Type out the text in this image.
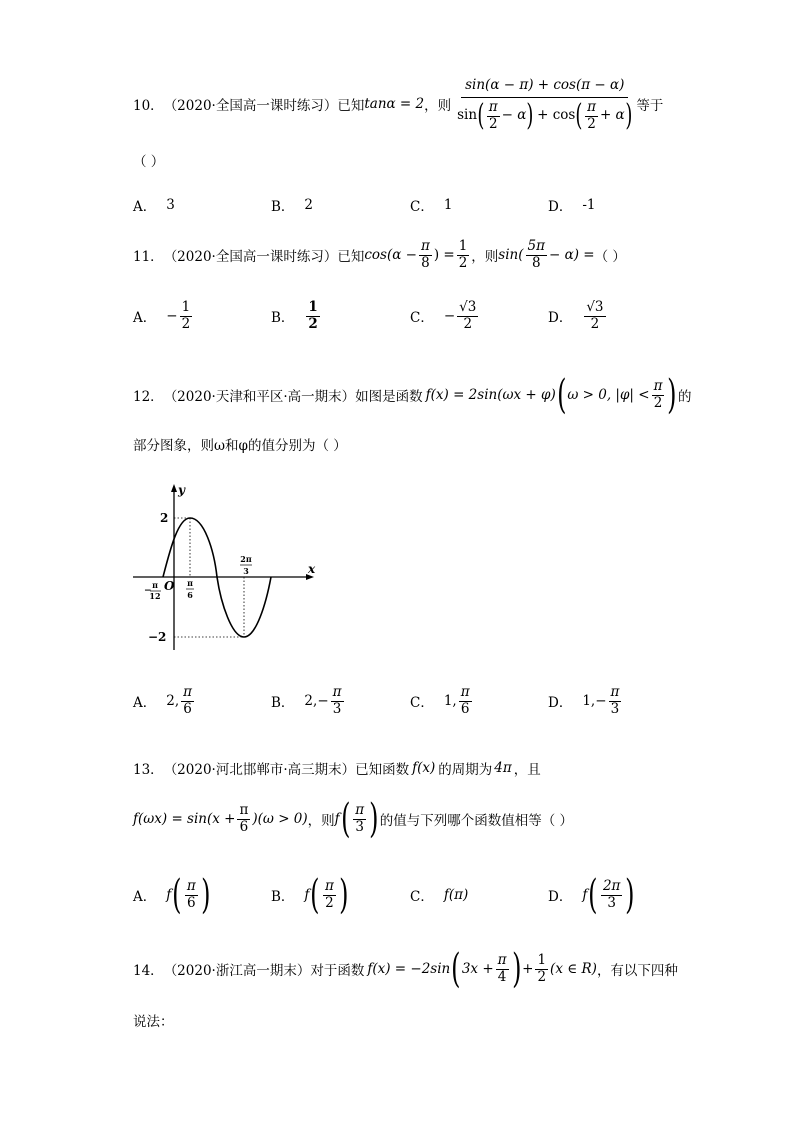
10． （2020·全国高一课时练习） 已知 tanα = 2 ，则
sin(α − π) + cos(π − α)
sin ( $\frac{\pi}{2} - \alpha$ ) + cos ( $\frac{\pi}{2} + \alpha$ ) 等于
（ ）
A． 3	B． 2	C． 1	D． -1
11． （2020·全国高一课时练习） 已知 $\cos(\alpha - \frac{\pi}{8}$ ) = $\frac{1}{2}$ ，则 $\sin( \frac{5\pi}{8} - \alpha)$ = （ ）
A． − $\frac{1}{2}$	B． $\frac{1}{2}$	C． − $\frac{√3}{2}$	D． $\frac{√3}{2}$
12． （2020·天津和平区·高一期末） 如图是函数 f(x) = 2sin(ωx + φ) ( ω > 0, $|\varphi| < \frac{\pi}{2}$ ) 的
部分图象，则ω和φ的值分别为（ ）
y
x
O
2
−2
−
π
12
π
6
2π
3
A． 2, $\frac{\pi}{6}$	B． 2, − $\frac{\pi}{3}$	C． 1, $\frac{\pi}{6}$	D． 1, − $\frac{\pi}{3}$
13． （2020·河北邯郸市·高三期末） 已知函数 f(x) 的周期为 4π ，且
$f(\omega x) = \sin(x + \frac{\pi}{6} )(\omega > 0)$ ，则 f ( $\frac{\pi}{3}$ ) 的值与下列哪个函数值相等（ ）
A． f ( $\frac{\pi}{6}$ )	B． f ( $\frac{\pi}{2}$ )	C． f(π)	D． f ( $\frac{2\pi}{3}$ )
14． （2020·浙江高一期末） 对于函数 f(x) = −2sin ( $3x + \frac{\pi}{4}$ ) + $\frac{1}{2} (x$ ∈ R) ，有以下四种
说法：
